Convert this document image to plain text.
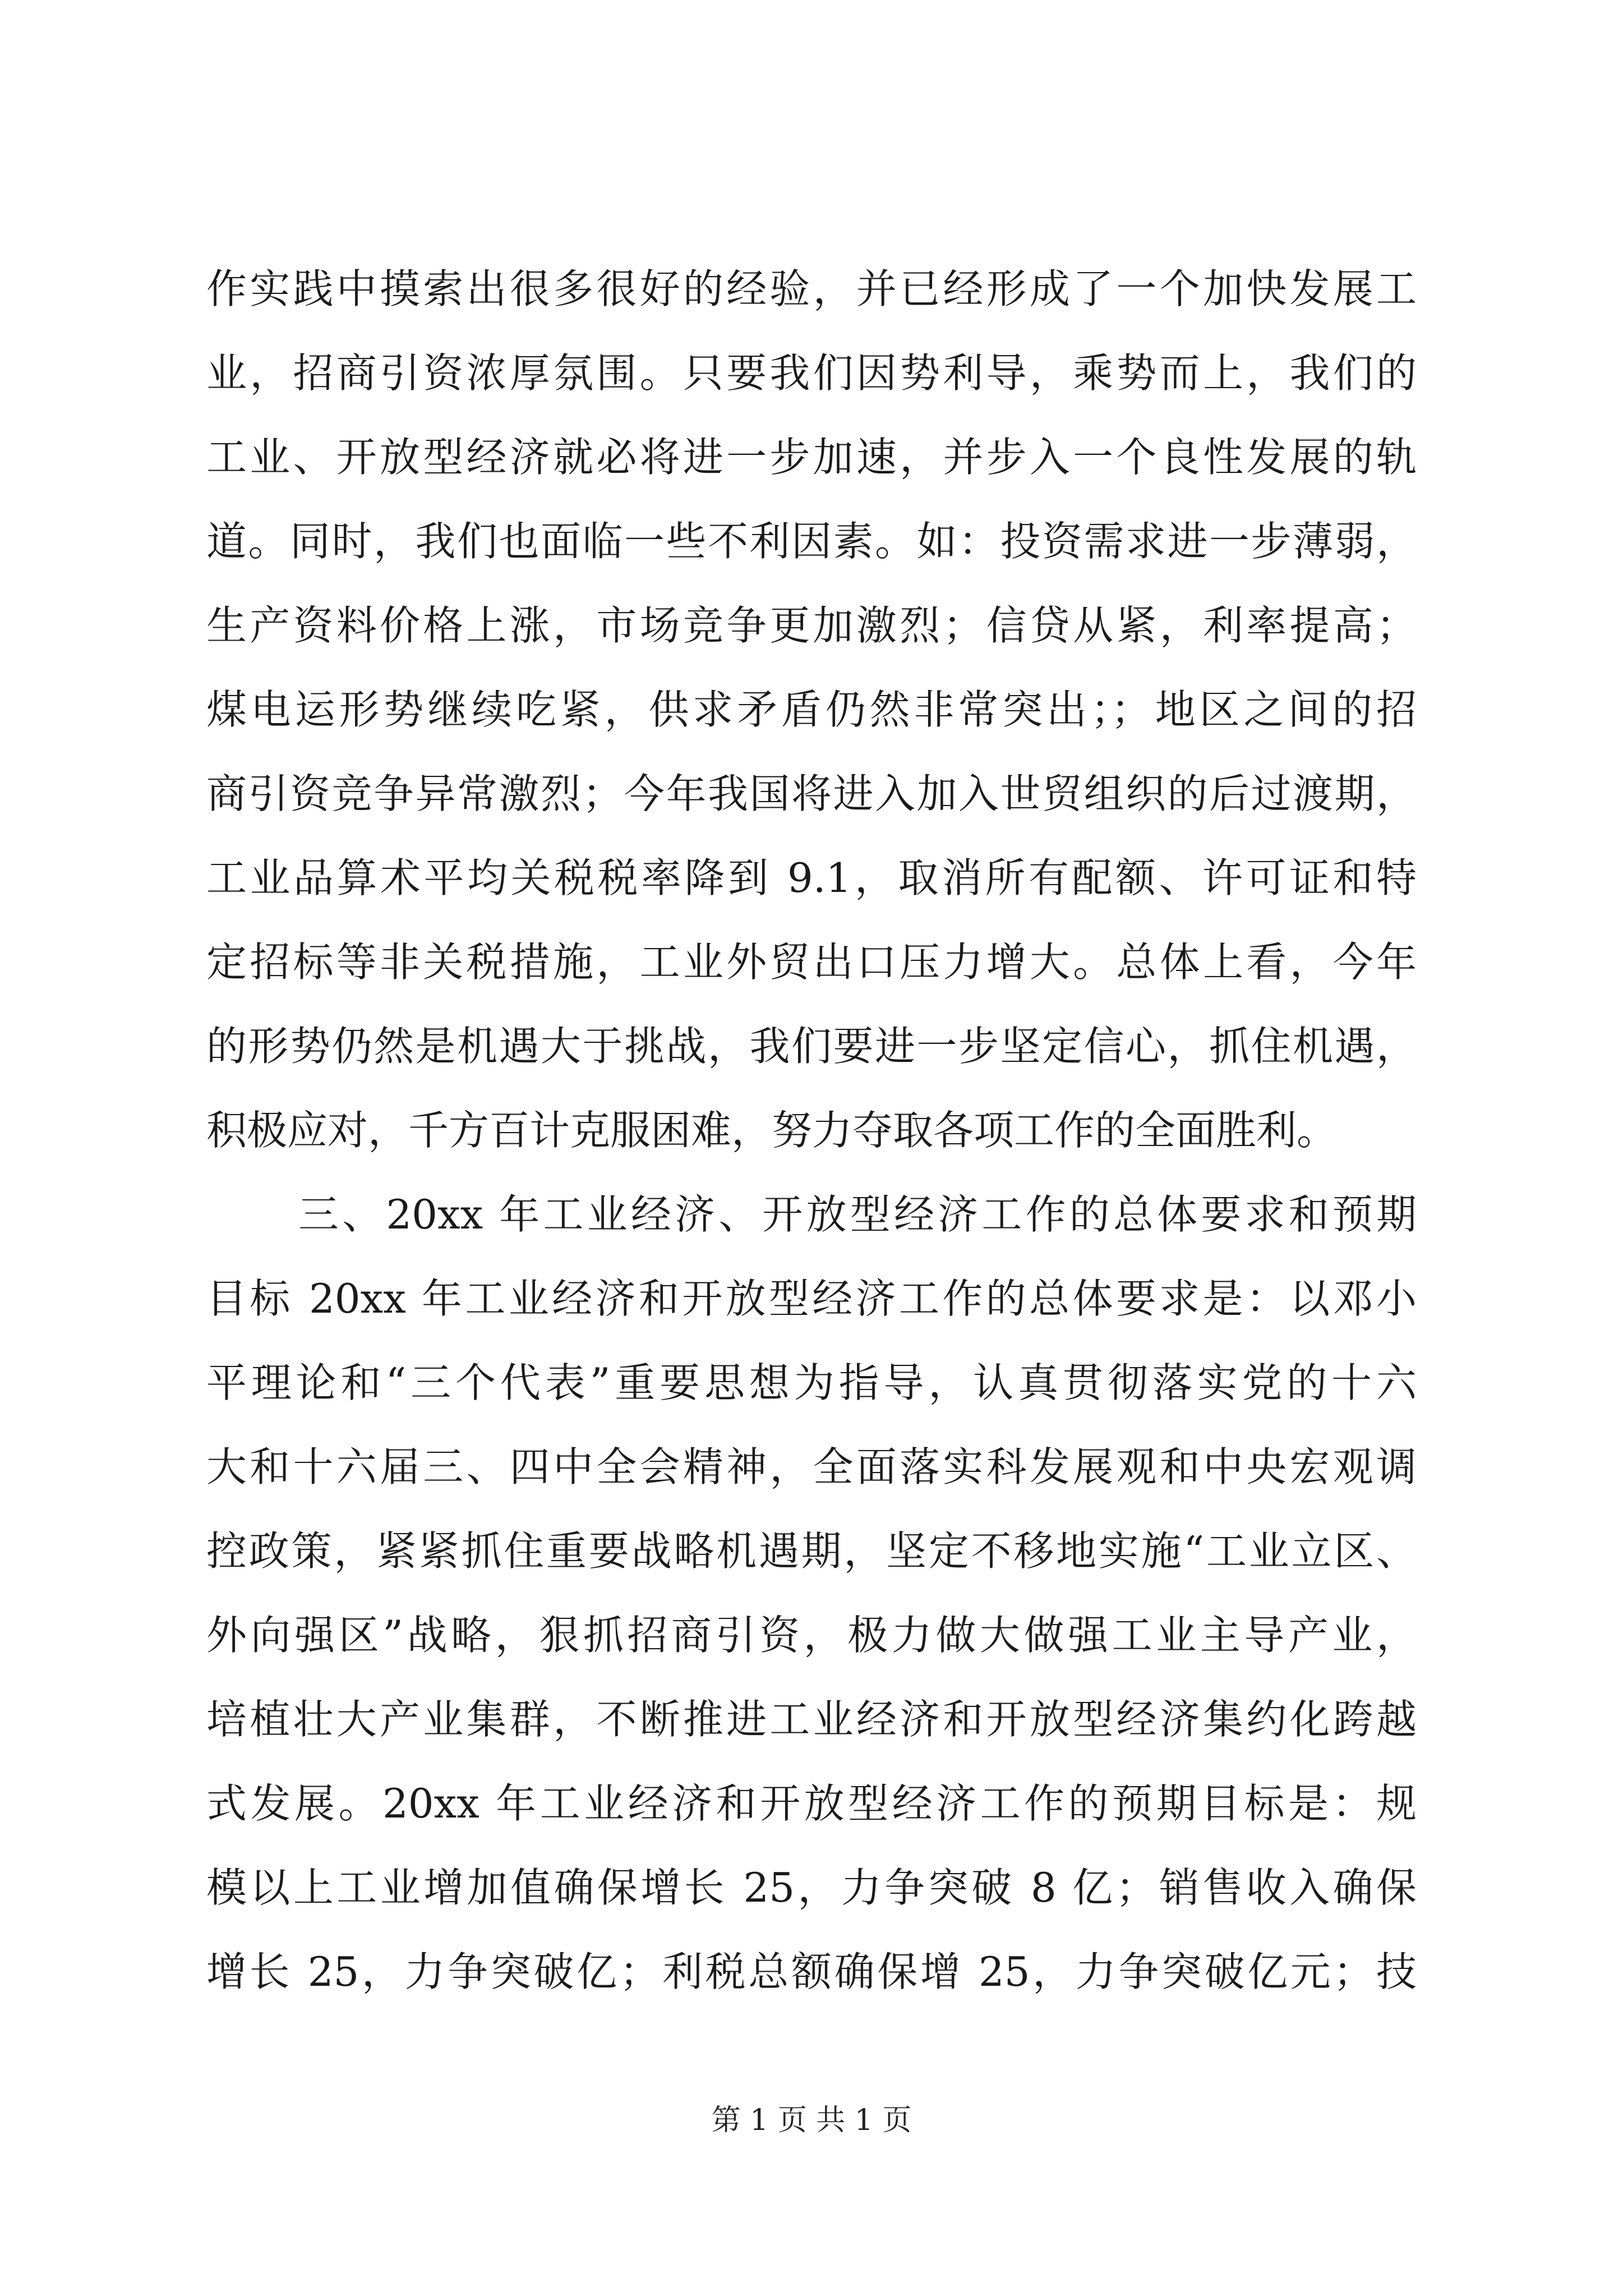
作实践中摸索出很多很好的经验，并已经形成了一个加快发展工
业，招商引资浓厚氛围。只要我们因势利导，乘势而上，我们的
工业、开放型经济就必将进一步加速，并步入一个良性发展的轨
道。同时，我们也面临一些不利因素。如：投资需求进一步薄弱，
生产资料价格上涨，市场竞争更加激烈；信贷从紧，利率提高；
煤电运形势继续吃紧，供求矛盾仍然非常突出；；地区之间的招
商引资竞争异常激烈；今年我国将进入加入世贸组织的后过渡期，
工业品算术平均关税税率降到 9.1，取消所有配额、许可证和特
定招标等非关税措施，工业外贸出口压力增大。总体上看，今年
的形势仍然是机遇大于挑战，我们要进一步坚定信心，抓住机遇，
积极应对，千方百计克服困难，努力夺取各项工作的全面胜利。
三、20xx 年工业经济、开放型经济工作的总体要求和预期
目标 20xx 年工业经济和开放型经济工作的总体要求是：以邓小
平理论和“三个代表”重要思想为指导，认真贯彻落实党的十六
大和十六届三、四中全会精神，全面落实科发展观和中央宏观调
控政策，紧紧抓住重要战略机遇期，坚定不移地实施“工业立区、
外向强区”战略，狠抓招商引资，极力做大做强工业主导产业，
培植壮大产业集群，不断推进工业经济和开放型经济集约化跨越
式发展。20xx 年工业经济和开放型经济工作的预期目标是：规
模以上工业增加值确保增长 25，力争突破 8 亿；销售收入确保
增长 25，力争突破亿；利税总额确保增 25，力争突破亿元；技
第 1 页 共 1 页
